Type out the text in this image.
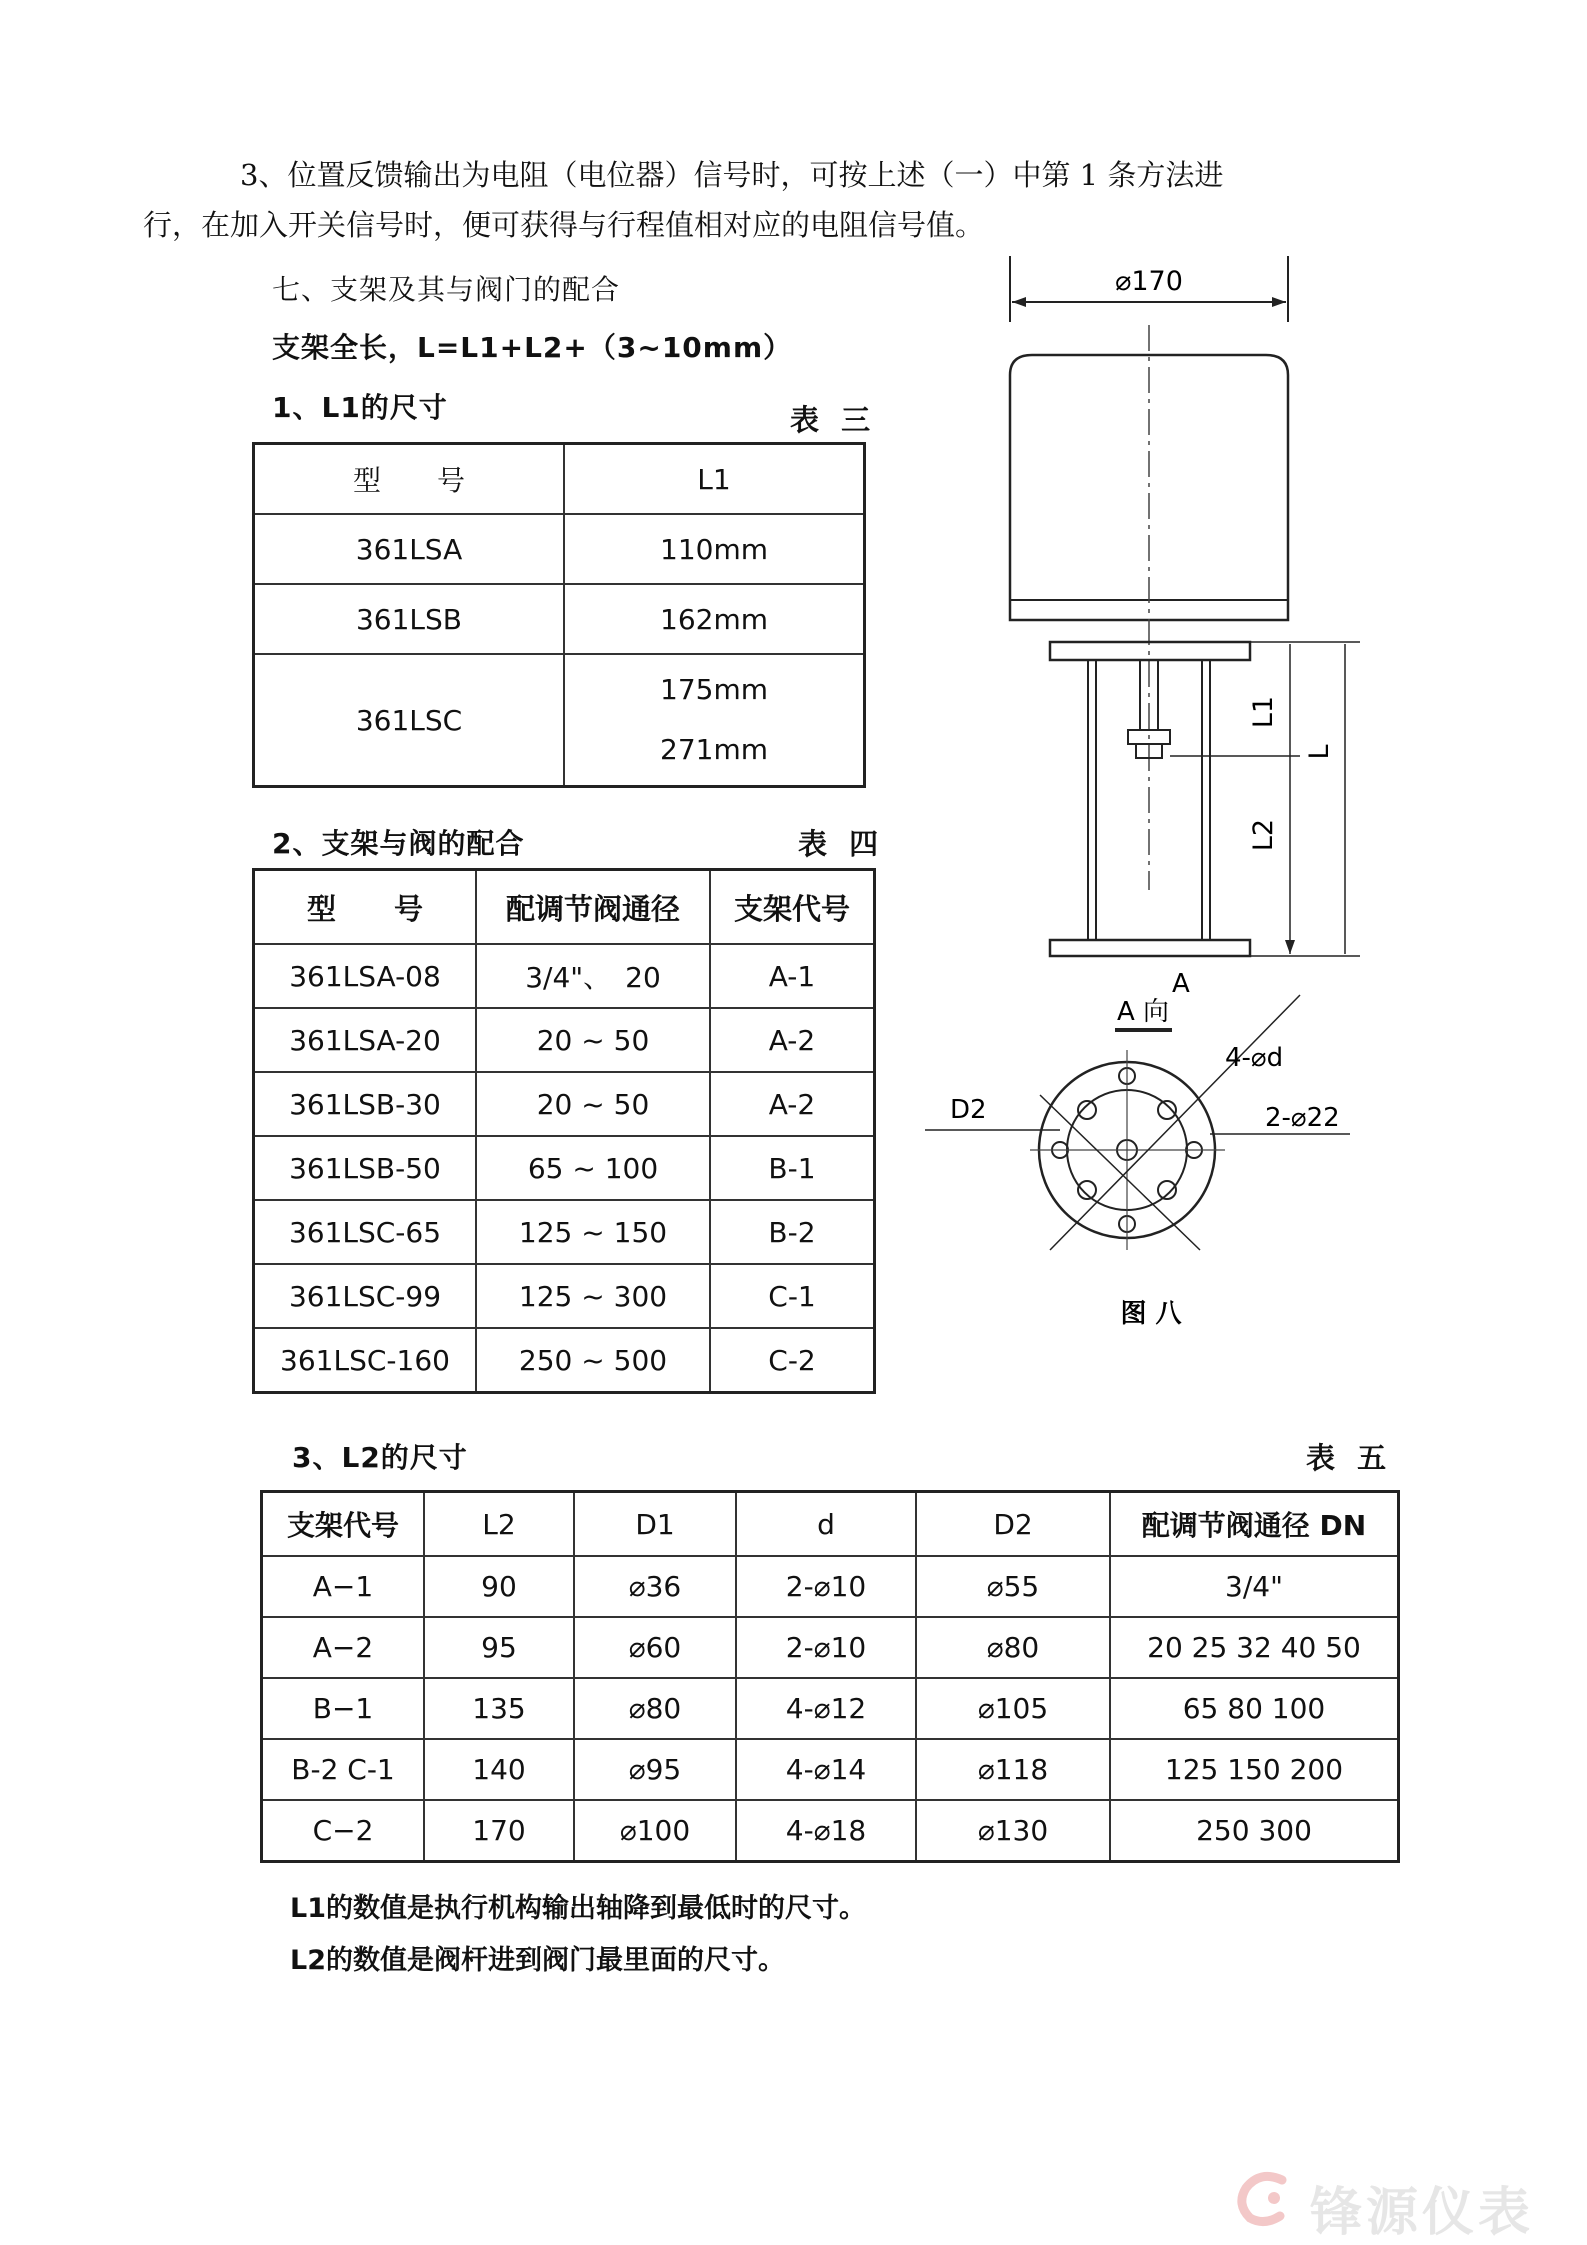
3、位置反馈输出为电阻（电位器）信号时，可按上述（一）中第 1 条方法进行，在加入开关信号时，便可获得与行程值相对应的电阻信号值。
七、支架及其与阀门的配合
支架全长，L=L1+L2+（3~10mm）
1、L1的尺寸	表 三
型　　号	L1
361LSA	110mm
361LSB	162mm
361LSC	175mm
271mm
2、支架与阀的配合	表 四
型　　号	配调节阀通径	支架代号
361LSA-08	3/4"、　20	A-1
361LSA-20	20 ~ 50	A-2
361LSB-30	20 ~ 50	A-2
361LSB-50	65 ~ 100	B-1
361LSC-65	125 ~ 150	B-2
361LSC-99	125 ~ 300	C-1
361LSC-160	250 ~ 500	C-2
3、L2的尺寸	表 五
支架代号	L2	D1	d	D2	配调节阀通径 DN
A−1	90	⌀36	2-⌀10	⌀55	3/4"
A−2	95	⌀60	2-⌀10	⌀80	20 25 32 40 50
B−1	135	⌀80	4-⌀12	⌀105	65 80 100
B-2 C-1	140	⌀95	4-⌀14	⌀118	125 150 200
C−2	170	⌀100	4-⌀18	⌀130	250 300
L1的数值是执行机构输出轴降到最低时的尺寸。
L2的数值是阀杆进到阀门最里面的尺寸。
⌀170
L1
L
L2
A
A 向
4-⌀d
D2	2-⌀22
图 八
锋源仪表
